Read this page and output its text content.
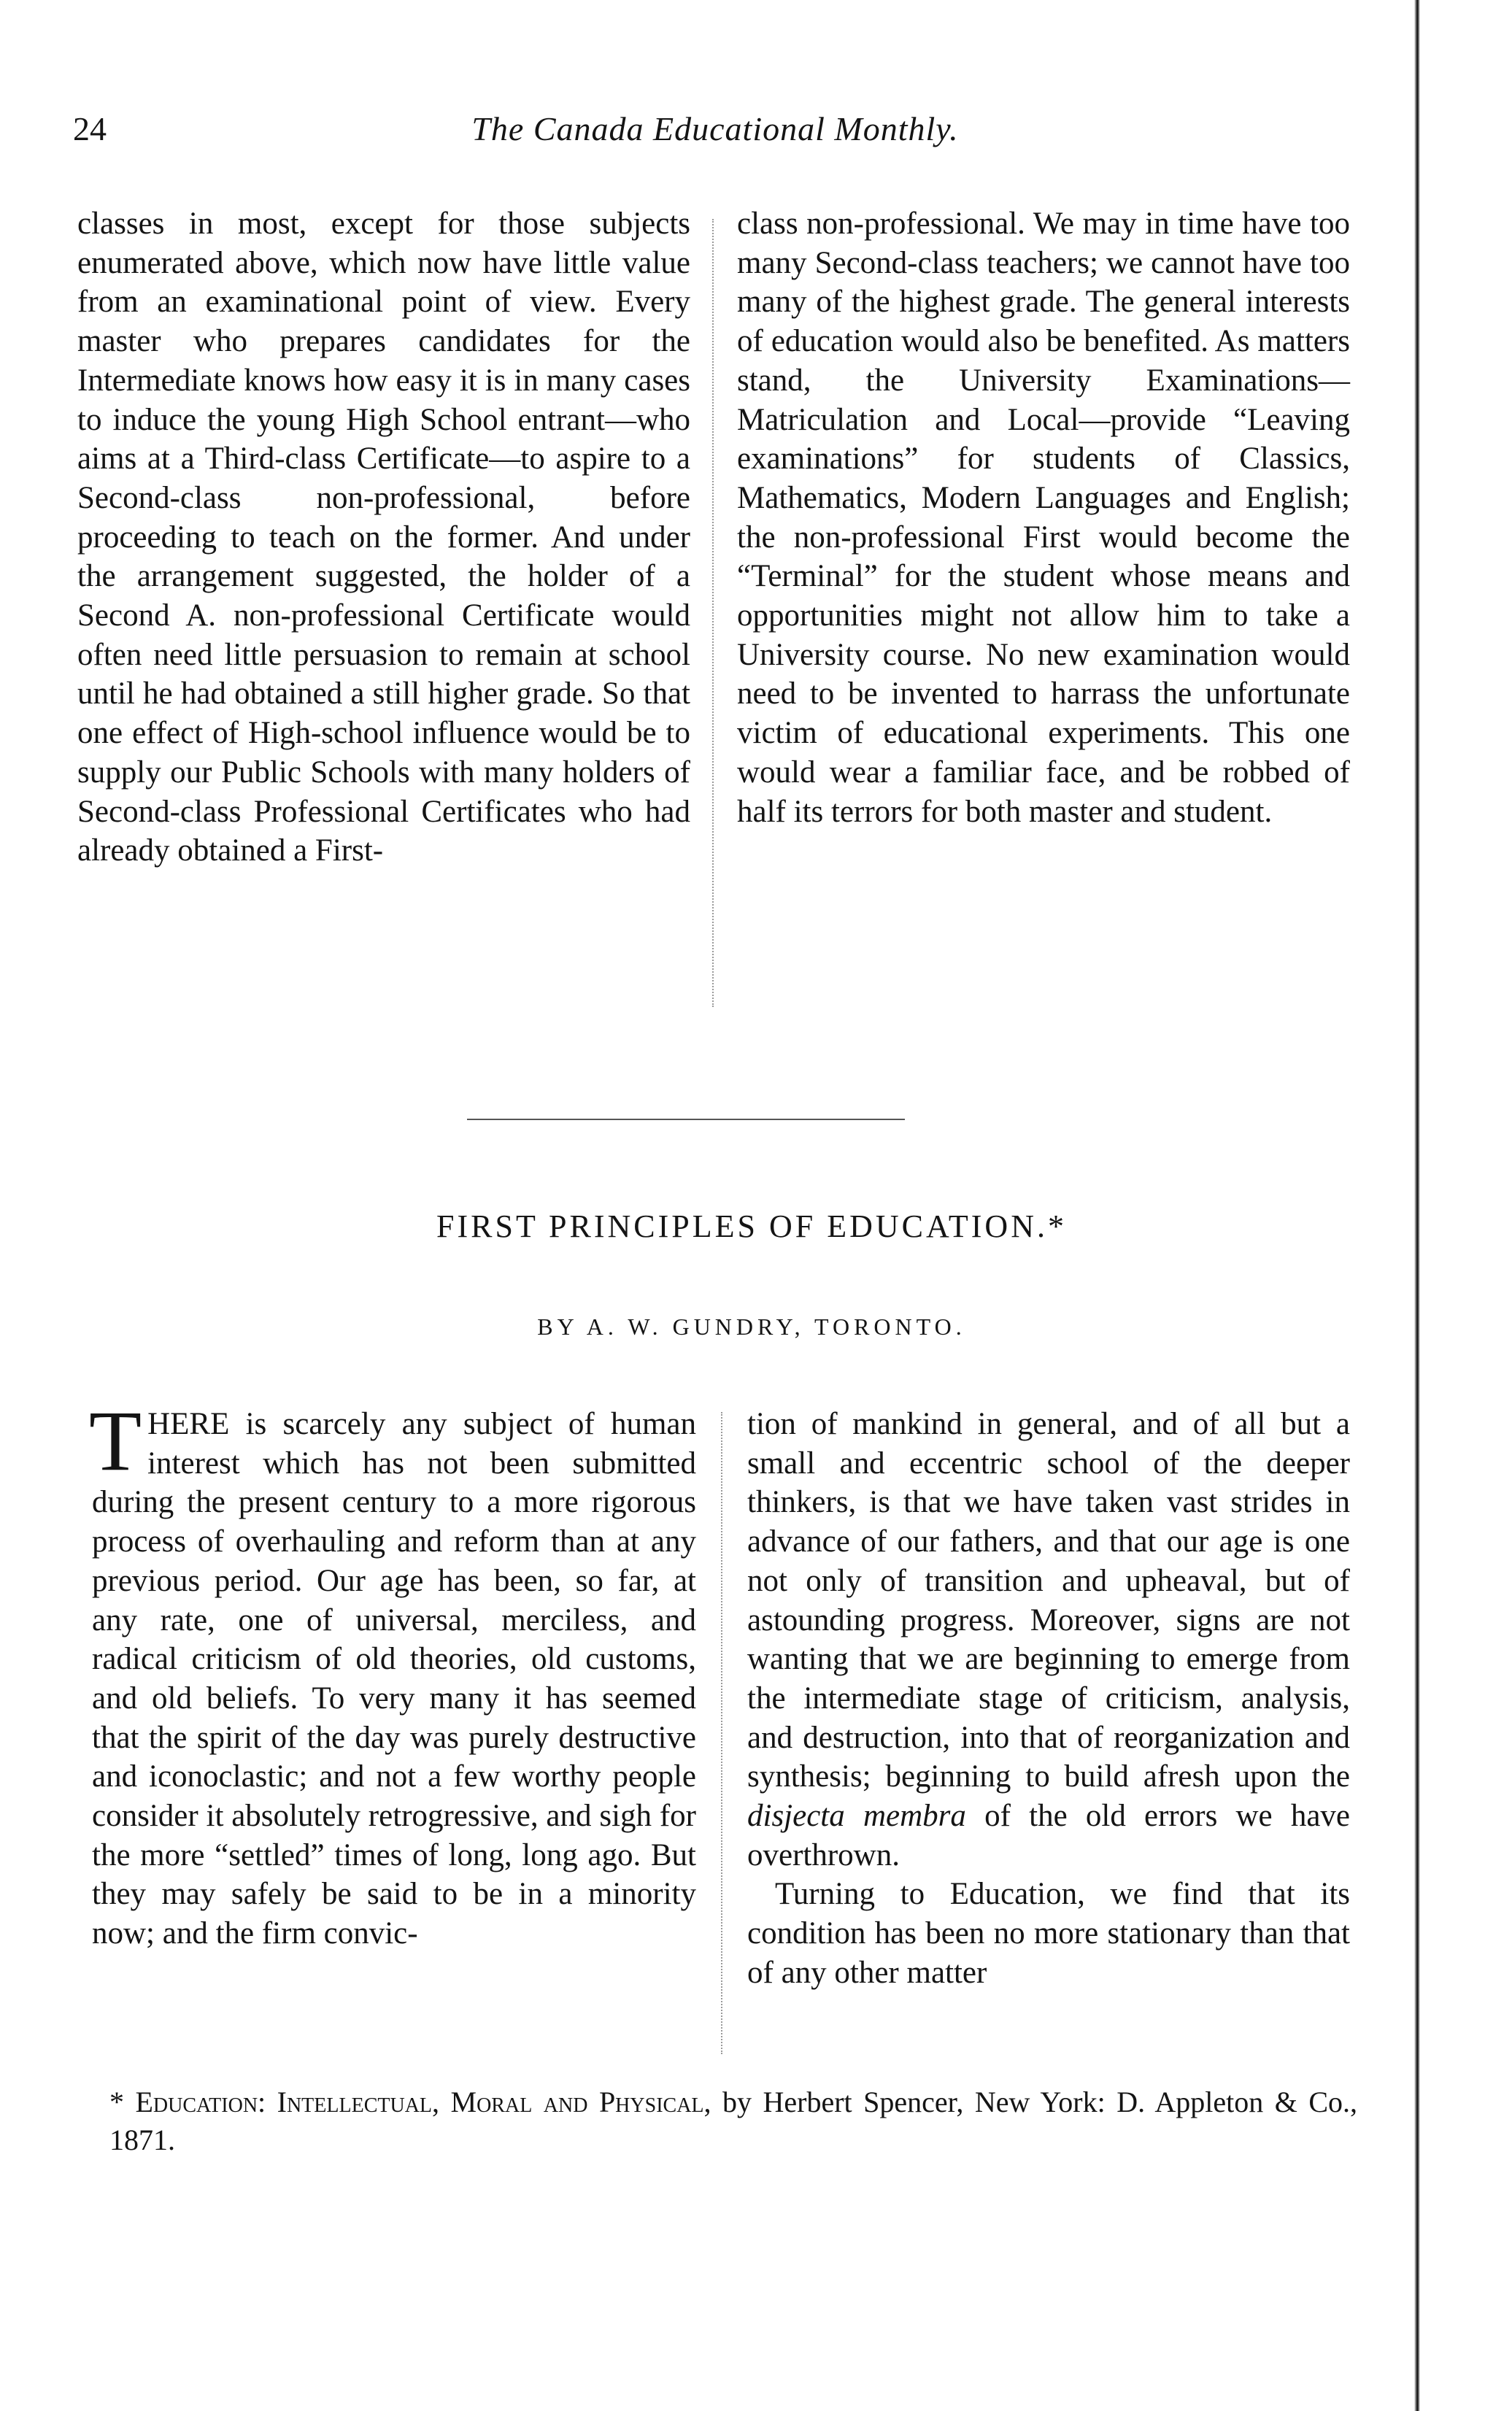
24	The Canada Educational Monthly.

classes in most, except for those subjects enumerated above, which now have little value from an examinational point of view. Every master who prepares candidates for the Intermediate knows how easy it is in many cases to induce the young High School entrant—who aims at a Third-class Certificate—to aspire to a Second-class non-professional, before proceeding to teach on the former. And under the arrangement suggested, the holder of a Second A. non-professional Certificate would often need little persuasion to remain at school until he had obtained a still higher grade. So that one effect of High-school influence would be to supply our Public Schools with many holders of Second-class Professional Certificates who had already obtained a First-

class non-professional. We may in time have too many Second-class teachers; we cannot have too many of the highest grade. The general interests of education would also be benefited. As matters stand, the University Examinations—Matriculation and Local—provide “Leaving examinations” for students of Classics, Mathematics, Modern Languages and English; the non-professional First would become the “Terminal” for the student whose means and opportunities might not allow him to take a University course. No new examination would need to be invented to harrass the unfortunate victim of educational experiments. This one would wear a familiar face, and be robbed of half its terrors for both master and student.

FIRST PRINCIPLES OF EDUCATION.*
BY A. W. GUNDRY, TORONTO.

THERE is scarcely any subject of human interest which has not been submitted during the present century to a more rigorous process of overhauling and reform than at any previous period. Our age has been, so far, at any rate, one of universal, merciless, and radical criticism of old theories, old customs, and old beliefs. To very many it has seemed that the spirit of the day was purely destructive and iconoclastic; and not a few worthy people consider it absolutely retrogressive, and sigh for the more “settled” times of long, long ago. But they may safely be said to be in a minority now; and the firm convic-

tion of mankind in general, and of all but a small and eccentric school of the deeper thinkers, is that we have taken vast strides in advance of our fathers, and that our age is one not only of transition and upheaval, but of astounding progress. Moreover, signs are not wanting that we are beginning to emerge from the intermediate stage of criticism, analysis, and destruction, into that of reorganization and synthesis; beginning to build afresh upon the disjecta membra of the old errors we have overthrown.

Turning to Education, we find that its condition has been no more stationary than that of any other matter

* Education: Intellectual, Moral and Physical, by Herbert Spencer, New York: D. Appleton & Co., 1871.
